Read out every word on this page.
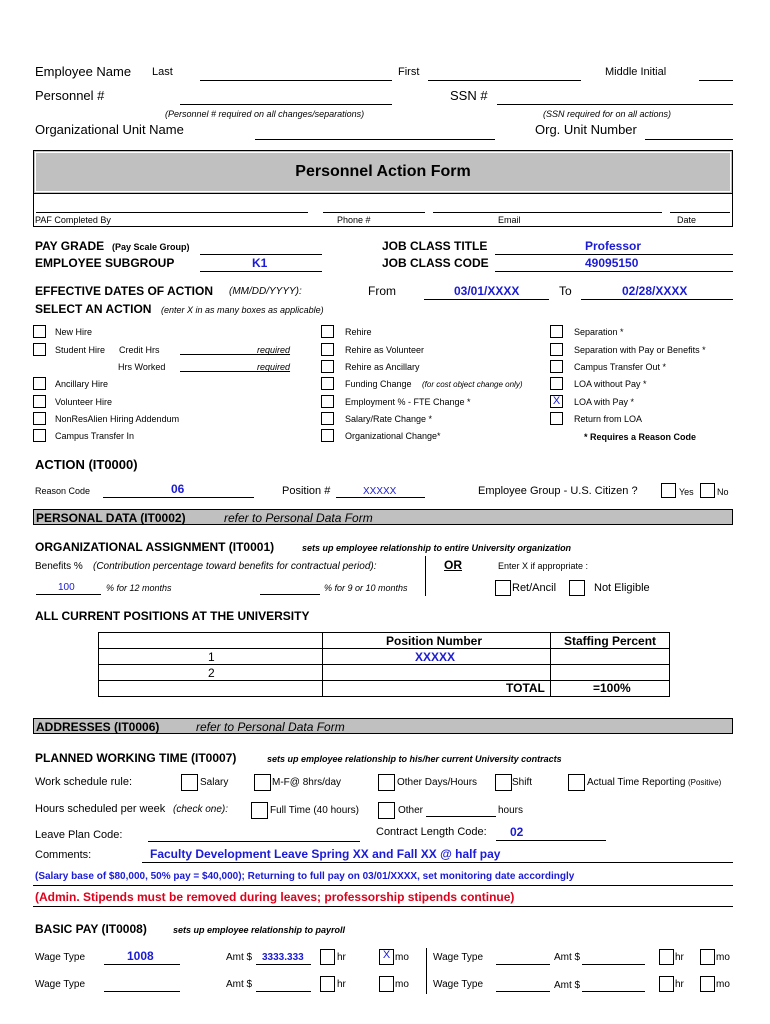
Employee Name Last	First	Middle Initial
Personnel #	SSN #
(Personnel # required on all changes/separations)	(SSN required for on all actions)
Organizational Unit Name	Org. Unit Number
Personnel Action Form
PAF Completed By	Phone #	Email	Date
PAY GRADE (Pay Scale Group)
EMPLOYEE SUBGROUP	K1
JOB CLASS TITLE	Professor
JOB CLASS CODE	49095150
EFFECTIVE DATES OF ACTION (MM/DD/YYYY):	From	03/01/XXXX	To	02/28/XXXX
SELECT AN ACTION (enter X in as many boxes as applicable)
New Hire
Student Hire Credit Hrs	required
Hrs Worked	required
Ancillary Hire
Volunteer Hire
NonResAlien Hiring Addendum
Campus Transfer In
Rehire
Rehire as Volunteer
Rehire as Ancillary
Funding Change (for cost object change only)
Employment % - FTE Change *
Salary/Rate Change *
Organizational Change*
Separation *
Separation with Pay or Benefits *
Campus Transfer Out *
LOA without Pay *
X	LOA with Pay *
Return from LOA
* Requires a Reason Code
ACTION (IT0000)
Reason Code	06	Position #	XXXXX	Employee Group - U.S. Citizen ?	Yes	No
PERSONAL DATA (IT0002)	refer to Personal Data Form
ORGANIZATIONAL ASSIGNMENT (IT0001)	sets up employee relationship to entire University organization
Benefits % (Contribution percentage toward benefits for contractual period):	OR	Enter X if appropriate :
100	% for 12 months	% for 9 or 10 months	Ret/Ancil	Not Eligible
ALL CURRENT POSITIONS AT THE UNIVERSITY
Position Number	Staffing Percent
1	XXXXX
2
TOTAL	=100%
ADDRESSES (IT0006)	refer to Personal Data Form
PLANNED WORKING TIME (IT0007)	sets up employee relationship to his/her current University contracts
Work schedule rule:	Salary	M-F@ 8hrs/day	Other Days/Hours	Shift	Actual Time Reporting (Positive)
Hours scheduled per week (check one):	Full Time (40 hours)	Other	hours
Leave Plan Code:	Contract Length Code: 02
Comments:	Faculty Development Leave Spring XX and Fall XX @ half pay
(Salary base of $80,000, 50% pay = $40,000); Returning to full pay on 03/01/XXXX, set monitoring date accordingly
(Admin. Stipends must be removed during leaves; professorship stipends continue)
BASIC PAY (IT0008)	sets up employee relationship to payroll
Wage Type	1008	Amt $ 3333.333	hr	X mo Wage Type	Amt $	hr	mo
Wage Type	Amt $	hr	mo Wage Type	Amt $	hr	mo
